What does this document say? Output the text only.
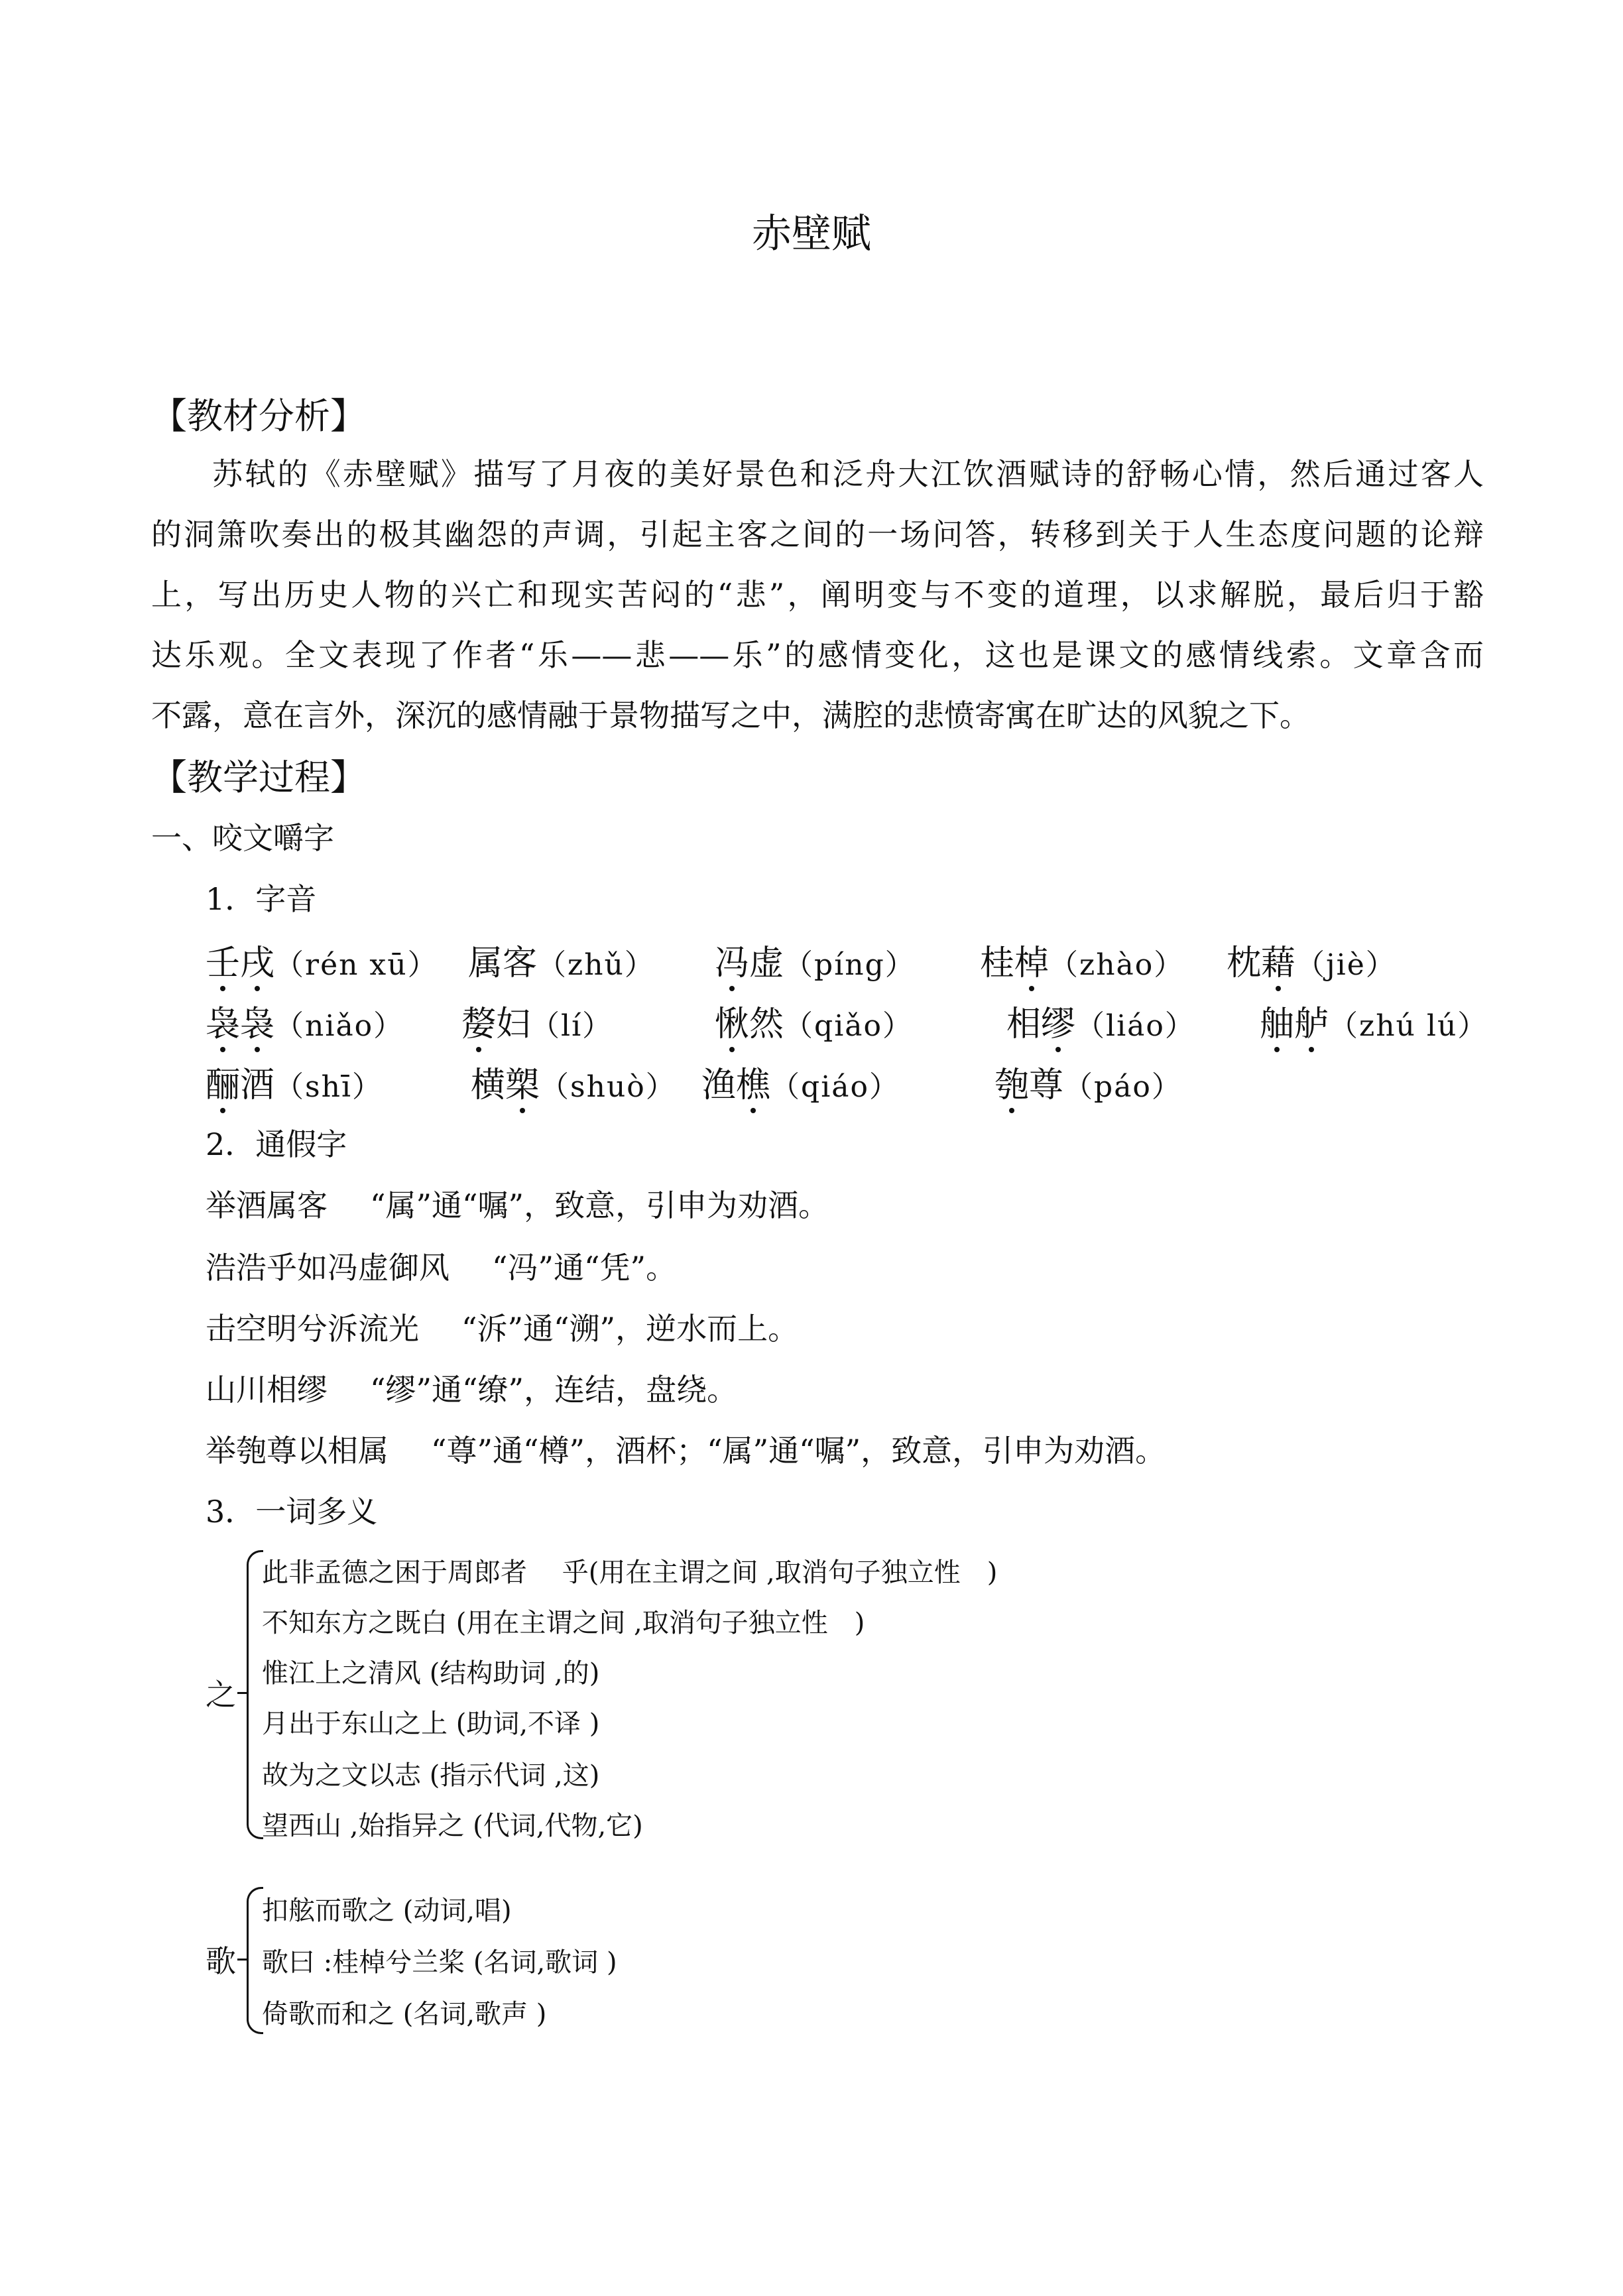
赤壁赋
【教材分析】
苏轼的《赤壁赋》描写了月夜的美好景色和泛舟大江饮酒赋诗的舒畅心情，然后通过客人
的洞箫吹奏出的极其幽怨的声调，引起主客之间的一场问答，转移到关于人生态度问题的论辩
上，写出历史人物的兴亡和现实苦闷的“悲”，阐明变与不变的道理，以求解脱，最后归于豁
达乐观。全文表现了作者“乐——悲——乐”的感情变化，这也是课文的感情线索。文章含而
不露，意在言外，深沉的感情融于景物描写之中，满腔的悲愤寄寓在旷达的风貌之下。
【教学过程】
一、咬文嚼字
1．字音
壬戌（rén xū） 属客（zhǔ） 冯虚（píng） 桂棹（zhào） 枕藉（jiè）
袅袅（niǎo） 嫠妇（lí）	愀然（qiǎo）	相缪（liáo） 舳舻（zhú lú）
酾酒（shī）	横槊（shuò） 渔樵（qiáo）	匏尊（páo）
2．通假字
举酒属客 “属”通“嘱”，致意，引申为劝酒。
浩浩乎如冯虚御风 “冯”通“凭”。
击空明兮泝流光 “泝”通“溯”，逆水而上。
山川相缪 “缪”通“缭”，连结，盘绕。
举匏尊以相属 “尊”通“樽”，酒杯；“属”通“嘱”，致意，引申为劝酒。
3．一词多义
之
此非孟德之困于周郎者　 乎(用在主谓之间 ,取消句子独立性　)
不知东方之既白 (用在主谓之间 ,取消句子独立性　)
惟江上之清风 (结构助词 ,的)
月出于东山之上 (助词,不译 )
故为之文以志 (指示代词 ,这)
望西山 ,始指异之 (代词,代物,它)
歌
扣舷而歌之 (动词,唱)
歌曰 :桂棹兮兰桨 (名词,歌词 )
倚歌而和之 (名词,歌声 )
